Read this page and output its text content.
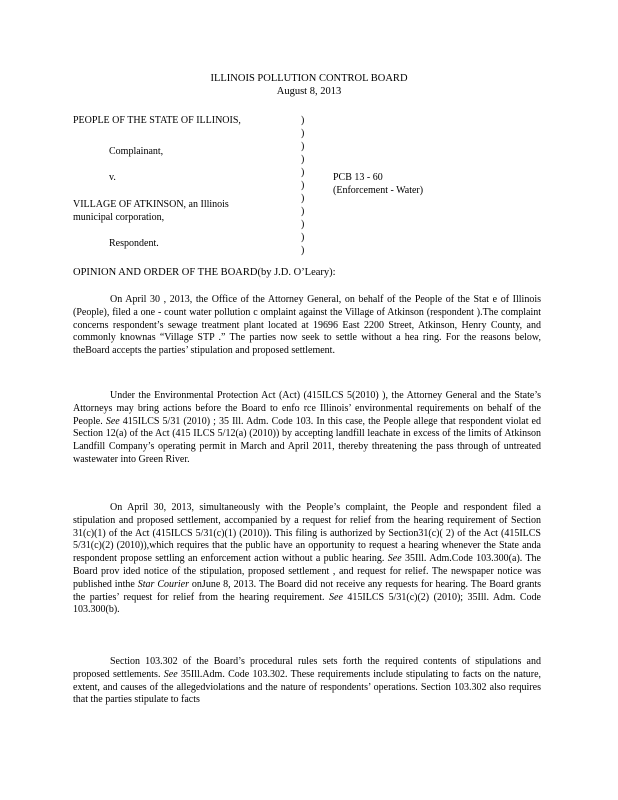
ILLINOIS POLLUTION CONTROL BOARD
August 8, 2013
PEOPLE OF THE STATE OF ILLINOIS,
Complainant,
v.
VILLAGE OF ATKINSON, an Illinois
municipal corporation,
Respondent.
PCB 13 - 60
(Enforcement - Water)
)
)
)
)
)
)
)
)
)
)
)
OPINION AND ORDER OF THE BOARD(by J.D. O’Leary):

On April 30 , 2013, the Office of the Attorney General, on behalf of the People of the Stat e of Illinois (People), filed a one - count water pollution c omplaint against the Village of Atkinson (respondent ).The complaint concerns respondent’s sewage treatment plant located at 19696 East 2200 Street, Atkinson, Henry County, and commonly knownas “Village STP .” The parties now seek to settle without a hea ring. For the reasons below, theBoard accepts the parties’ stipulation and proposed settlement.

Under the Environmental Protection Act (Act) (415ILCS 5(2010) ), the Attorney General and the State’s Attorneys may bring actions before the Board to enfo rce Illinois’ environmental requirements on behalf of the People. See 415ILCS 5/31 (2010) ; 35 Ill. Adm. Code 103. In this case, the People allege that respondent violat ed Section 12(a) of the Act (415 ILCS 5/12(a) (2010)) by accepting landfill leachate in excess of the limits of Atkinson Landfill Company’s operating permit in March and April 2011, thereby threatening the pass through of untreated wastewater into Green River.

On April 30, 2013, simultaneously with the People’s complaint, the People and respondent filed a stipulation and proposed settlement, accompanied by a request for relief from the hearing requirement of Section 31(c)(1) of the Act (415ILCS 5/31(c)(1) (2010)). This filing is authorized by Section31(c)( 2) of the Act (415ILCS 5/31(c)(2) (2010)),which requires that the public have an opportunity to request a hearing whenever the State anda respondent propose settling an enforcement action without a public hearing. See 35Ill. Adm.Code 103.300(a). The Board prov ided notice of the stipulation, proposed settlement , and request for relief. The newspaper notice was published inthe Star Courier onJune 8, 2013. The Board did not receive any requests for hearing. The Board grants the parties’ request for relief from the hearing requirement. See 415ILCS 5/31(c)(2) (2010); 35Ill. Adm. Code 103.300(b).

Section 103.302 of the Board’s procedural rules sets forth the required contents of stipulations and proposed settlements. See 35Ill.Adm. Code 103.302. These requirements include stipulating to facts on the nature, extent, and causes of the allegedviolations and the nature of respondents’ operations. Section 103.302 also requires that the parties stipulate to facts
